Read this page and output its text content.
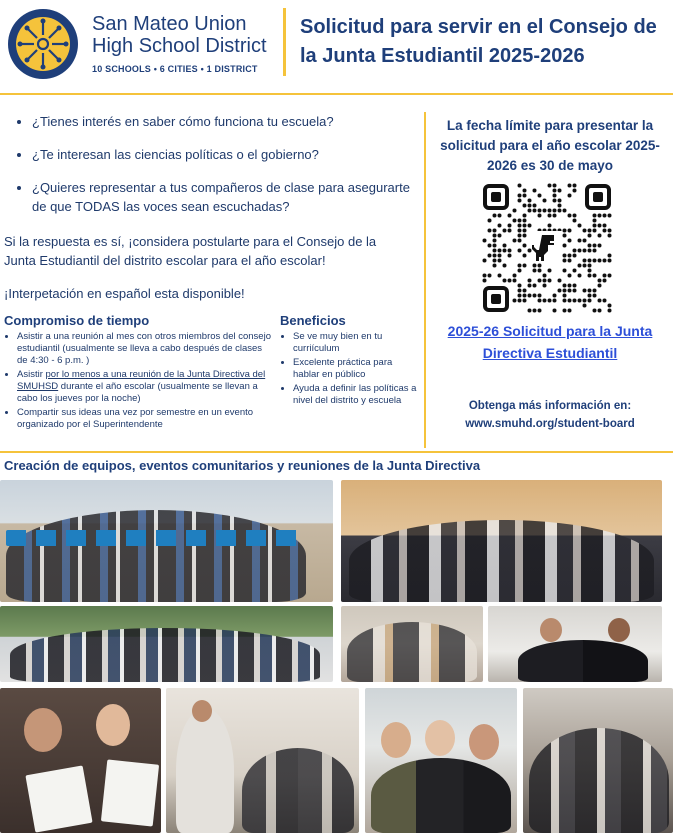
San Mateo Union High School District
10 SCHOOLS • 6 CITIES • 1 DISTRICT
Solicitud para servir en el Consejo de la Junta Estudiantil 2025-2026
• ¿Tienes interés en saber cómo funciona tu escuela?
• ¿Te interesan las ciencias políticas o el gobierno?
• ¿Quieres representar a tus compañeros de clase para asegurarte de que TODAS las voces sean escuchadas?
Si la respuesta es sí, ¡considera postularte para el Consejo de la Junta Estudiantil del distrito escolar para el año escolar!
¡Interpetación en español esta disponible!
Compromiso de tiempo
• Asistir a una reunión al mes con otros miembros del consejo estudiantil (usualmente se lleva a cabo después de clases de 4:30 - 6 p.m. )
• Asistir por lo menos a una reunión de la Junta Directiva del SMUHSD durante el año escolar (usualmente se llevan a cabo los jueves por la noche)
• Compartir sus ideas una vez por semestre en un evento organizado por el Superintendente
Beneficios
• Se ve muy bien en tu curriículum
• Excelente práctica para hablar en público
• Ayuda a definir las políticas a nivel del distrito y escuela
La fecha límite para presentar la solicitud para el año escolar 2025-2026 es 30 de mayo
2025-26 Solicitud para la Junta Directiva Estudiantil
Obtenga más información en:
www.smuhd.org/student-board
Creación de equipos, eventos comunitarios y reuniones de la Junta Directiva
